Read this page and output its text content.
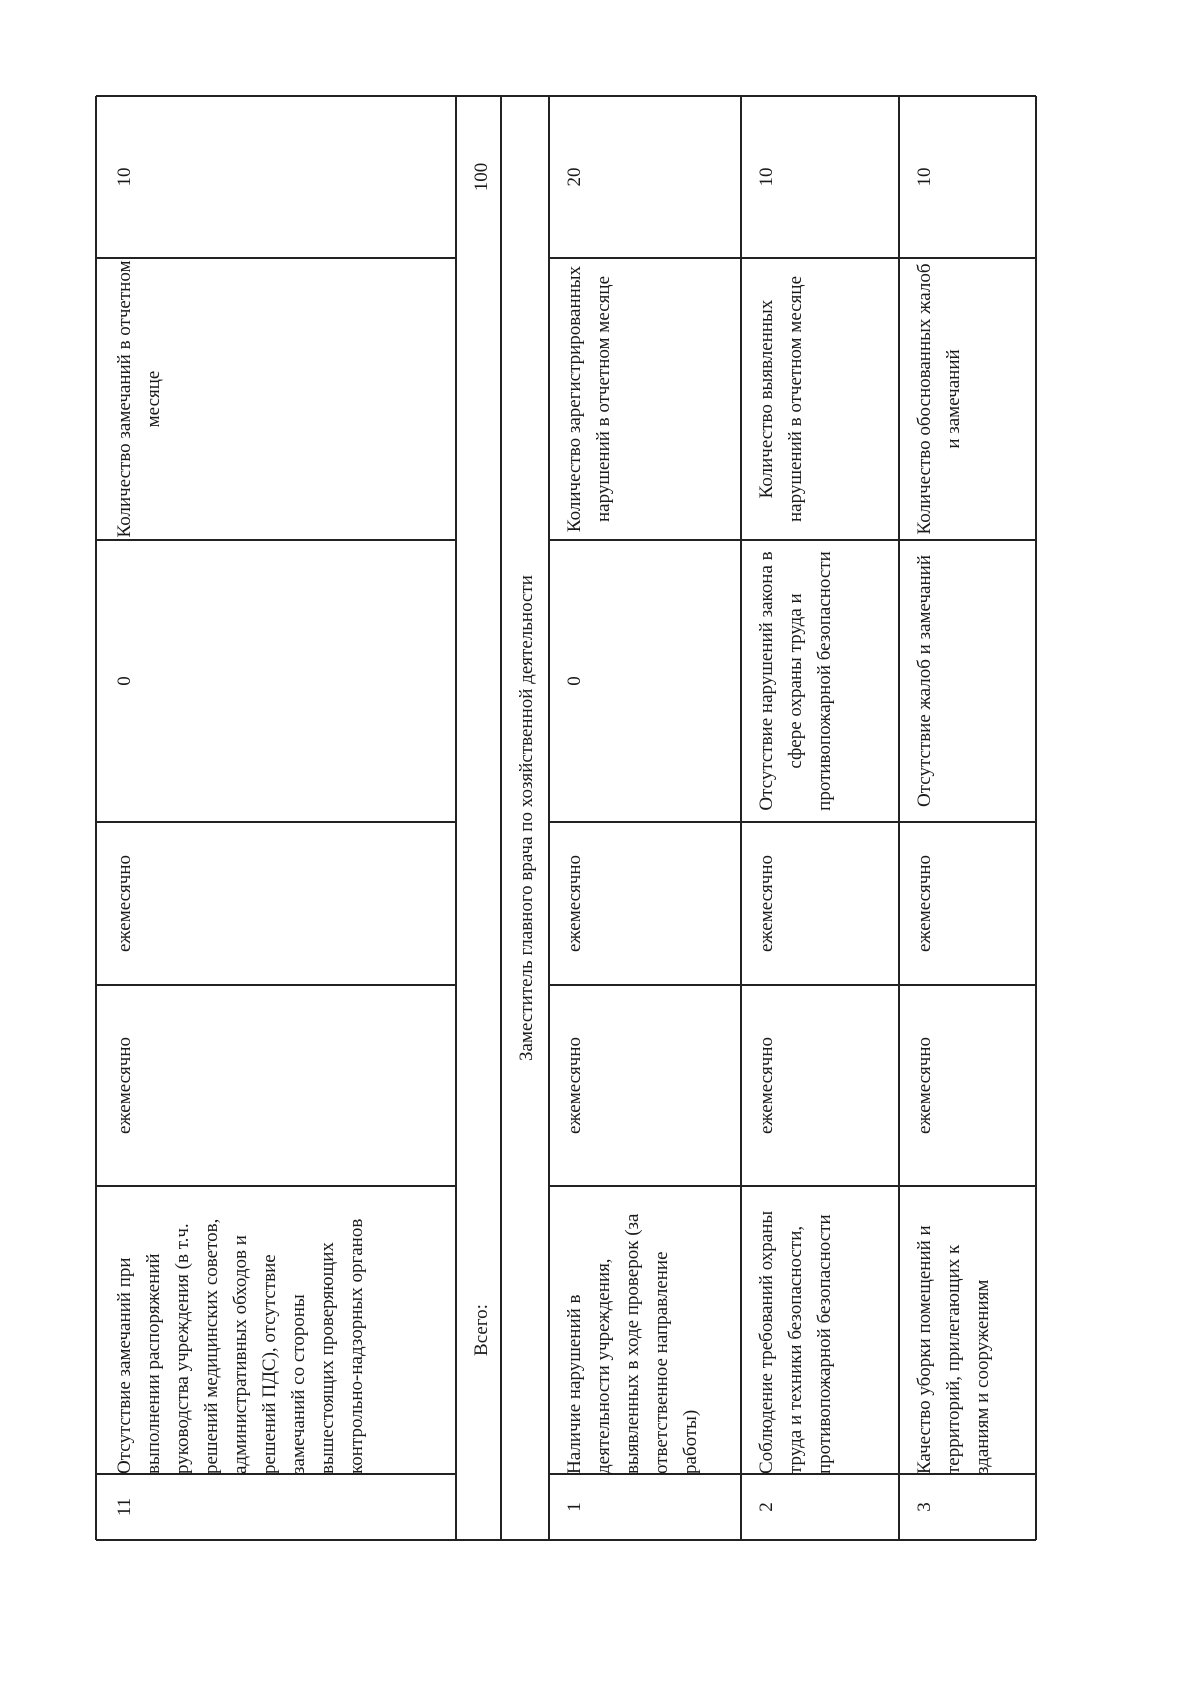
11
Отсутствие замечаний при выполнении распоряжений руководства учреждения (в т.ч. решений медицинских советов, административных обходов и решений ПДС), отсутствие замечаний со стороны вышестоящих проверяющих контрольно-надзорных органов
ежемесячно
ежемесячно
0
Количество замечаний в отчетном месяце
10
Всего:
100
Заместитель главного врача по хозяйственной деятельности
1
Наличие нарушений в деятельности учреждения, выявленных в ходе проверок (за ответственное направление работы)
ежемесячно
ежемесячно
0
Количество зарегистрированных нарушений в отчетном месяце
20
2
Соблюдение требований охраны труда и техники безопасности, противопожарной безопасности
ежемесячно
ежемесячно
Отсутствие нарушений закона в сфере охраны труда и противопожарной безопасности
Количество выявленных нарушений в отчетном месяце
10
3
Качество уборки помещений и территорий, прилегающих к зданиям и сооружениям
ежемесячно
ежемесячно
Отсутствие жалоб и замечаний
Количество обоснованных жалоб и замечаний
10
